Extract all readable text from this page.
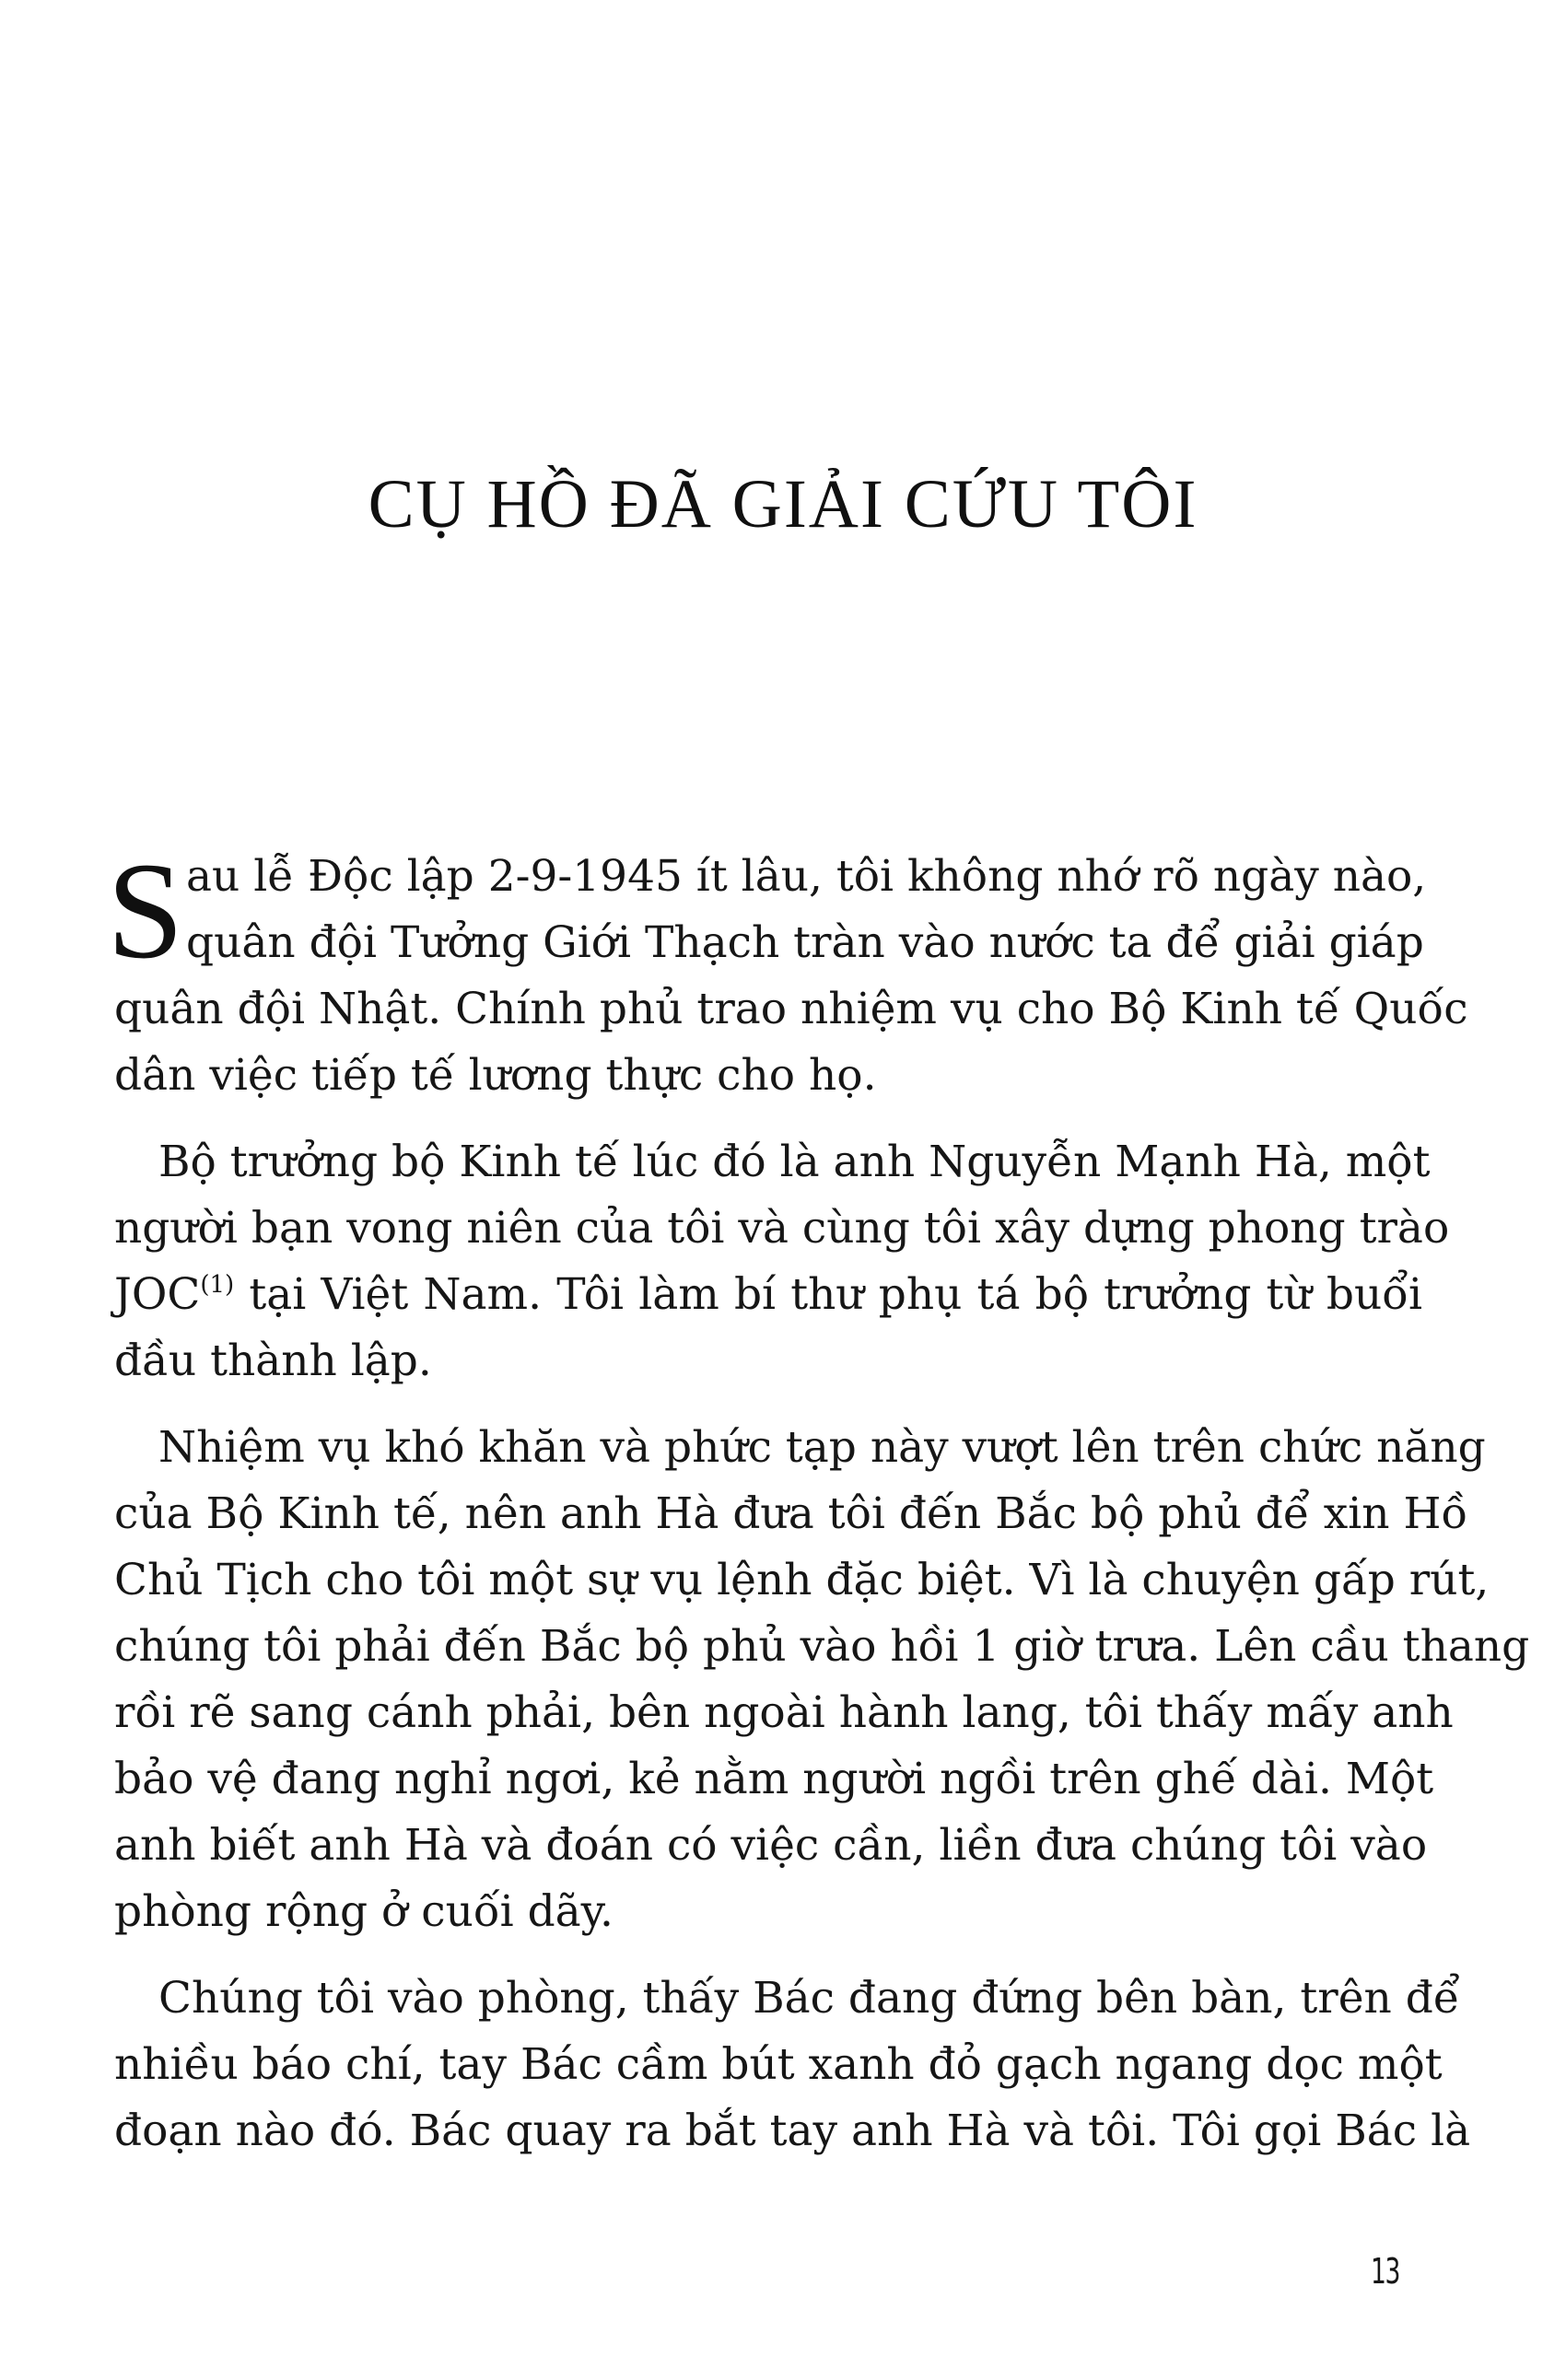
CỤ HỒ ĐÃ GIẢI CỨU TÔI
S au lễ Độc lập 2-9-1945 ít lâu, tôi không nhớ rõ ngày nào,
quân đội Tưởng Giới Thạch tràn vào nước ta để giải giáp
quân đội Nhật. Chính phủ trao nhiệm vụ cho Bộ Kinh tế Quốc
dân việc tiếp tế lương thực cho họ.
Bộ trưởng bộ Kinh tế lúc đó là anh Nguyễn Mạnh Hà, một
người bạn vong niên của tôi và cùng tôi xây dựng phong trào
JOC$^{(1)}$ tại Việt Nam. Tôi làm bí thư phụ tá bộ trưởng từ buổi
đầu thành lập.
Nhiệm vụ khó khăn và phức tạp này vượt lên trên chức năng
của Bộ Kinh tế, nên anh Hà đưa tôi đến Bắc bộ phủ để xin Hồ
Chủ Tịch cho tôi một sự vụ lệnh đặc biệt. Vì là chuyện gấp rút,
chúng tôi phải đến Bắc bộ phủ vào hồi 1 giờ trưa. Lên cầu thang
rồi rẽ sang cánh phải, bên ngoài hành lang, tôi thấy mấy anh
bảo vệ đang nghỉ ngơi, kẻ nằm người ngồi trên ghế dài. Một
anh biết anh Hà và đoán có việc cần, liền đưa chúng tôi vào
phòng rộng ở cuối dãy.
Chúng tôi vào phòng, thấy Bác đang đứng bên bàn, trên để
nhiều báo chí, tay Bác cầm bút xanh đỏ gạch ngang dọc một
đoạn nào đó. Bác quay ra bắt tay anh Hà và tôi. Tôi gọi Bác là
13
